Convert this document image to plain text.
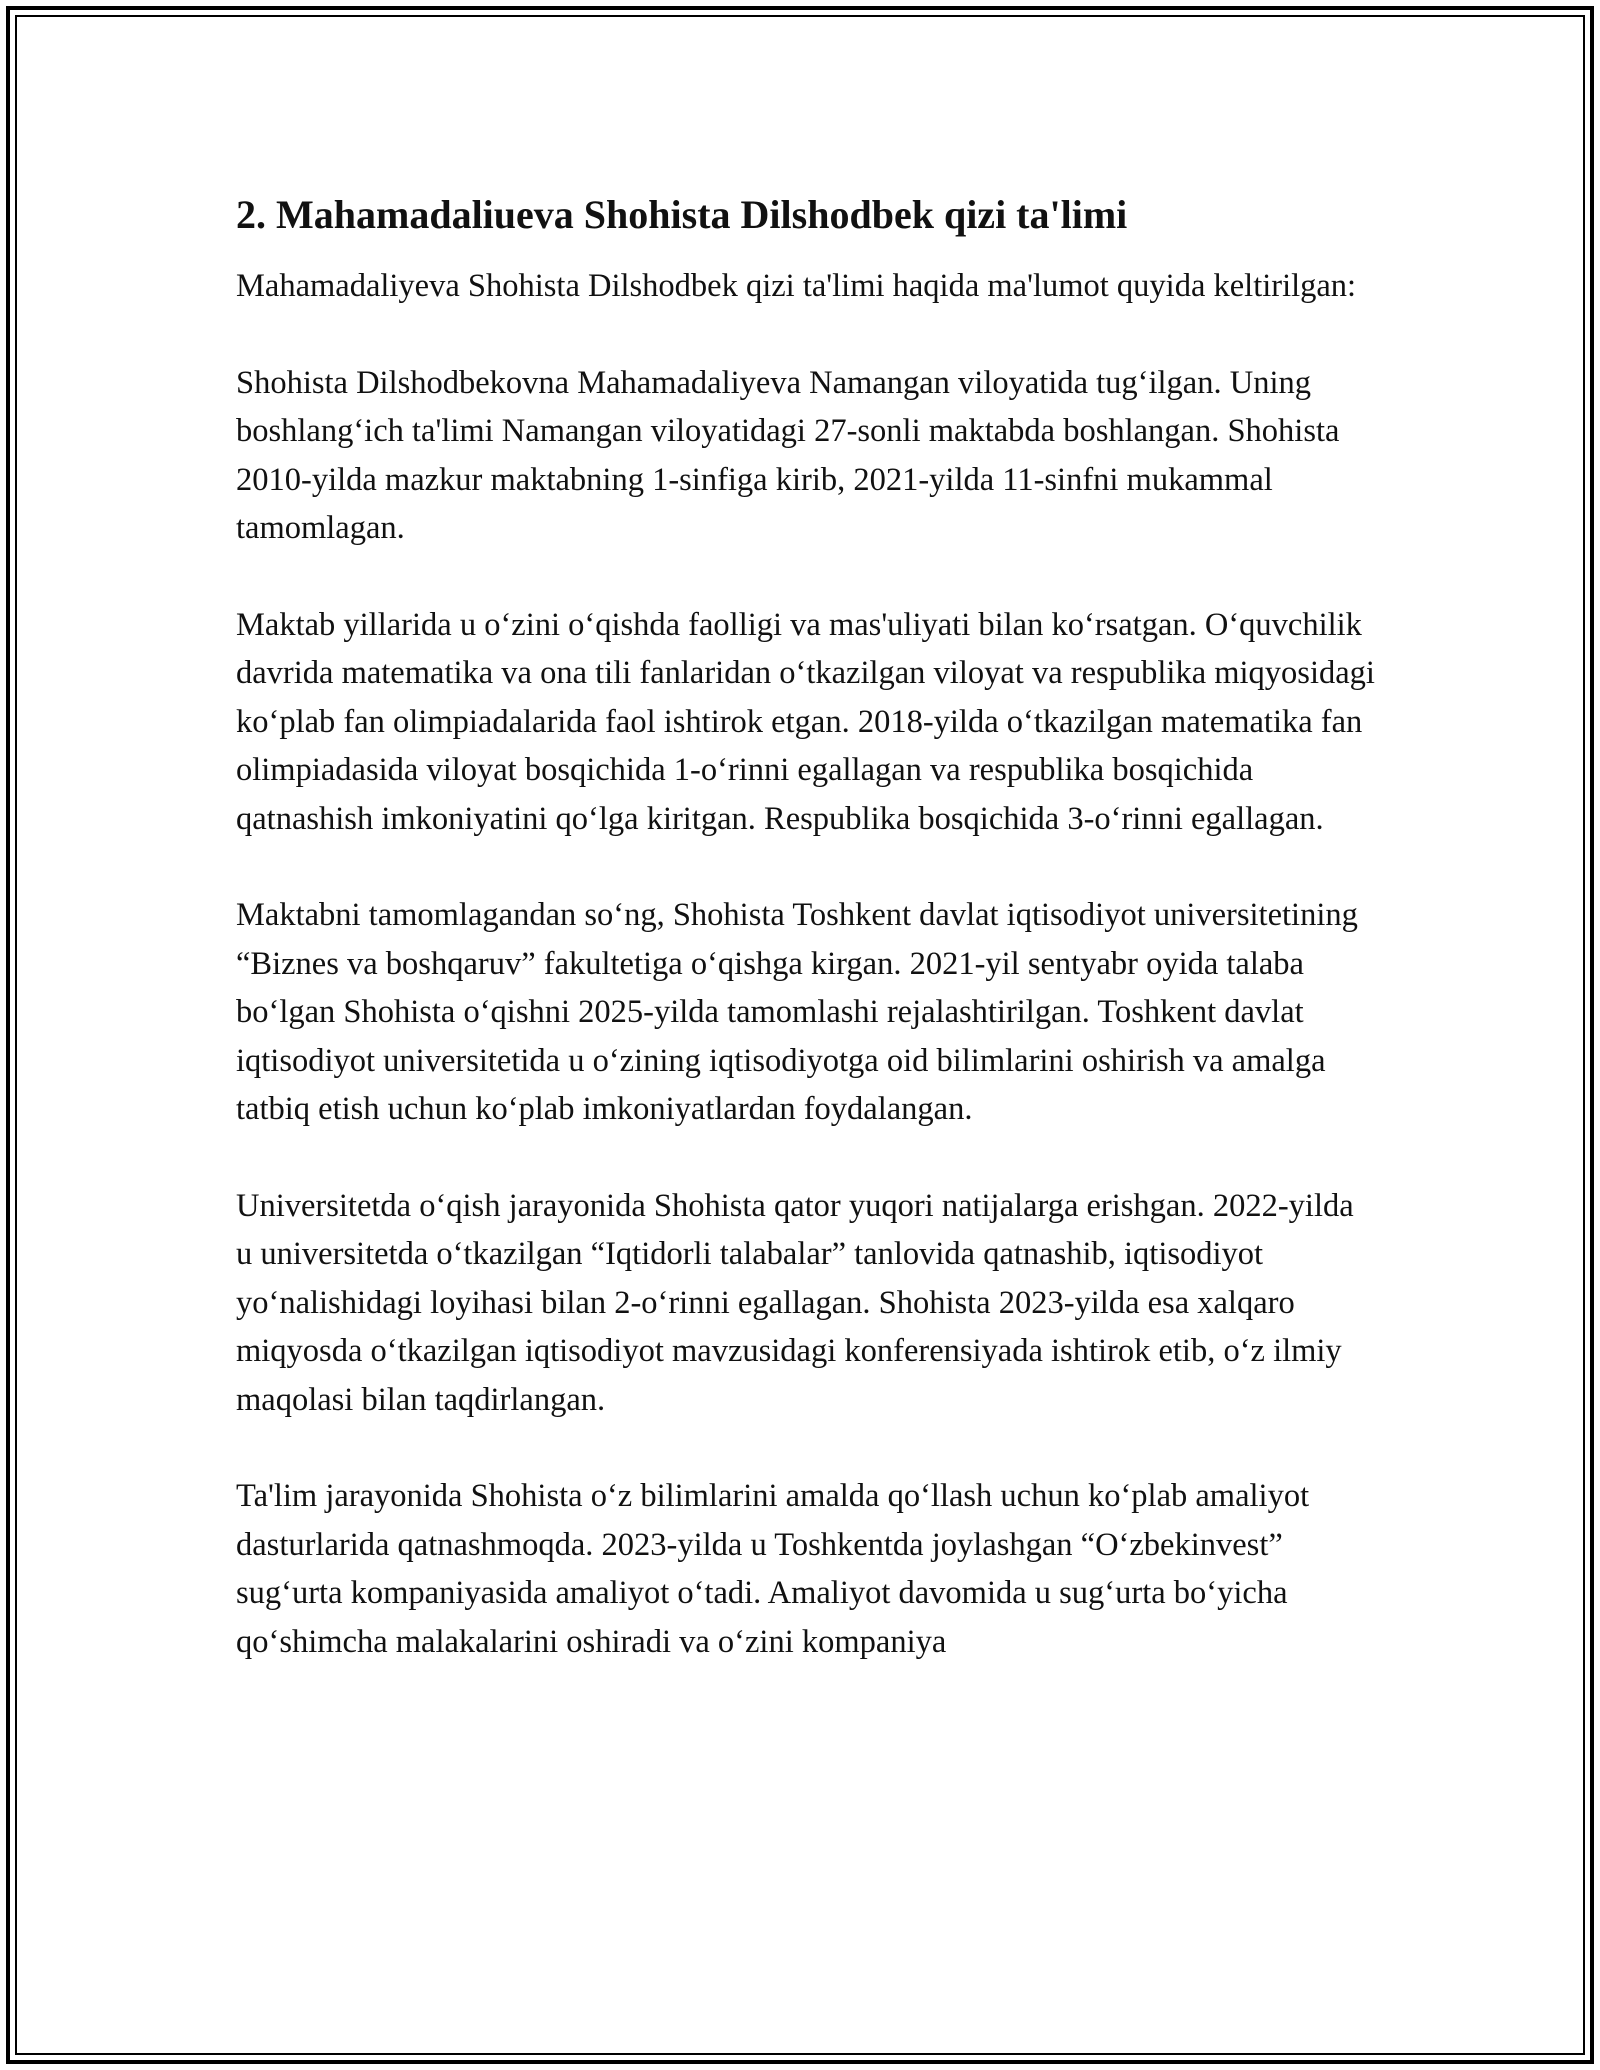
2. Mahamadaliueva Shohista Dilshodbek qizi ta'limi

Mahamadaliyeva Shohista Dilshodbek qizi ta'limi haqida ma'lumot quyida keltirilgan:

Shohista Dilshodbekovna Mahamadaliyeva Namangan viloyatida tug‘ilgan. Uning boshlang‘ich ta'limi Namangan viloyatidagi 27-sonli maktabda boshlangan. Shohista 2010-yilda mazkur maktabning 1-sinfiga kirib, 2021-yilda 11-sinfni mukammal tamomlagan.

Maktab yillarida u o‘zini o‘qishda faolligi va mas'uliyati bilan ko‘rsatgan. O‘quvchilik davrida matematika va ona tili fanlaridan o‘tkazilgan viloyat va respublika miqyosidagi ko‘plab fan olimpiadalarida faol ishtirok etgan. 2018-yilda o‘tkazilgan matematika fan olimpiadasida viloyat bosqichida 1-o‘rinni egallagan va respublika bosqichida qatnashish imkoniyatini qo‘lga kiritgan. Respublika bosqichida 3-o‘rinni egallagan.

Maktabni tamomlagandan so‘ng, Shohista Toshkent davlat iqtisodiyot universitetining “Biznes va boshqaruv” fakultetiga o‘qishga kirgan. 2021-yil sentyabr oyida talaba bo‘lgan Shohista o‘qishni 2025-yilda tamomlashi rejalashtirilgan. Toshkent davlat iqtisodiyot universitetida u o‘zining iqtisodiyotga oid bilimlarini oshirish va amalga tatbiq etish uchun ko‘plab imkoniyatlardan foydalangan.

Universitetda o‘qish jarayonida Shohista qator yuqori natijalarga erishgan. 2022-yilda u universitetda o‘tkazilgan “Iqtidorli talabalar” tanlovida qatnashib, iqtisodiyot yo‘nalishidagi loyihasi bilan 2-o‘rinni egallagan. Shohista 2023-yilda esa xalqaro miqyosda o‘tkazilgan iqtisodiyot mavzusidagi konferensiyada ishtirok etib, o‘z ilmiy maqolasi bilan taqdirlangan.

Ta'lim jarayonida Shohista o‘z bilimlarini amalda qo‘llash uchun ko‘plab amaliyot dasturlarida qatnashmoqda. 2023-yilda u Toshkentda joylashgan “O‘zbekinvest” sug‘urta kompaniyasida amaliyot o‘tadi. Amaliyot davomida u sug‘urta bo‘yicha qo‘shimcha malakalarini oshiradi va o‘zini kompaniya
